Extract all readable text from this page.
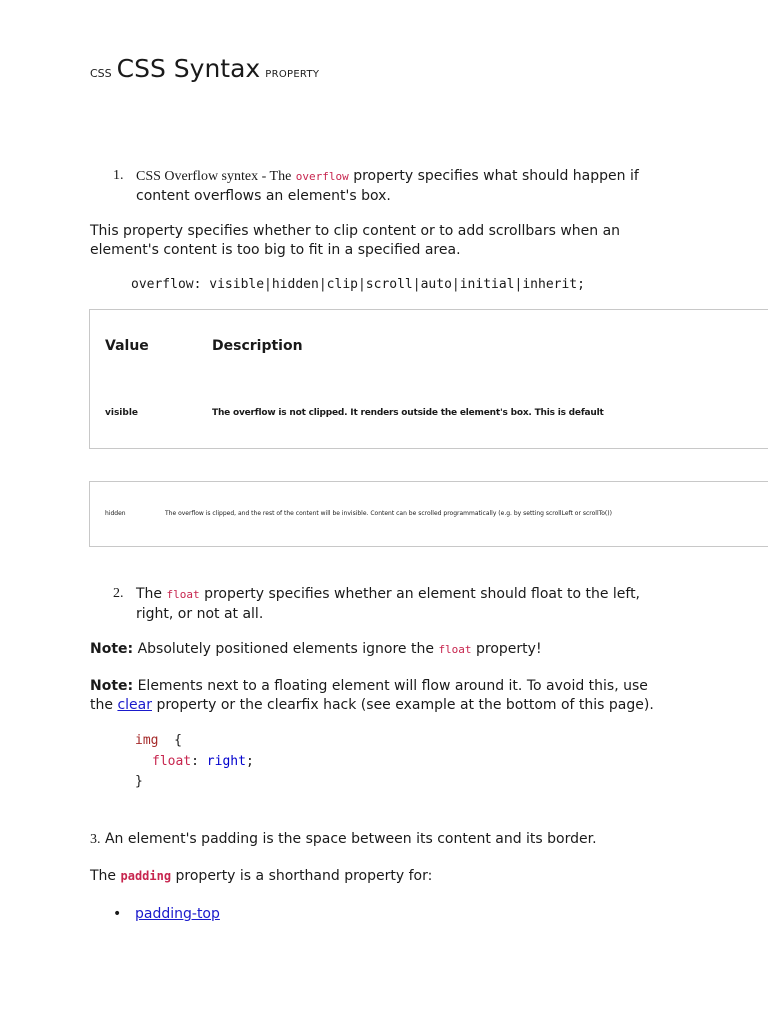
CSS CSS Syntax PROPERTY
1. CSS Overflow syntex - The overflow property specifies what should happen if
content overflows an element's box.
This property specifies whether to clip content or to add scrollbars when an
element's content is too big to fit in a specified area.
overflow: visible|hidden|clip|scroll|auto|initial|inherit;
Value	Description
visible	The overflow is not clipped. It renders outside the element's box. This is default
hidden	The overflow is clipped, and the rest of the content will be invisible. Content can be scrolled programmatically (e.g. by setting scrollLeft or scrollTo())
2. The float property specifies whether an element should float to the left,
right, or not at all.
Note: Absolutely positioned elements ignore the float property!
Note: Elements next to a floating element will flow around it. To avoid this, use
the clear property or the clearfix hack (see example at the bottom of this page).
img {
float: right;
}
3. An element's padding is the space between its content and its border.
The padding property is a shorthand property for:
• padding-top
